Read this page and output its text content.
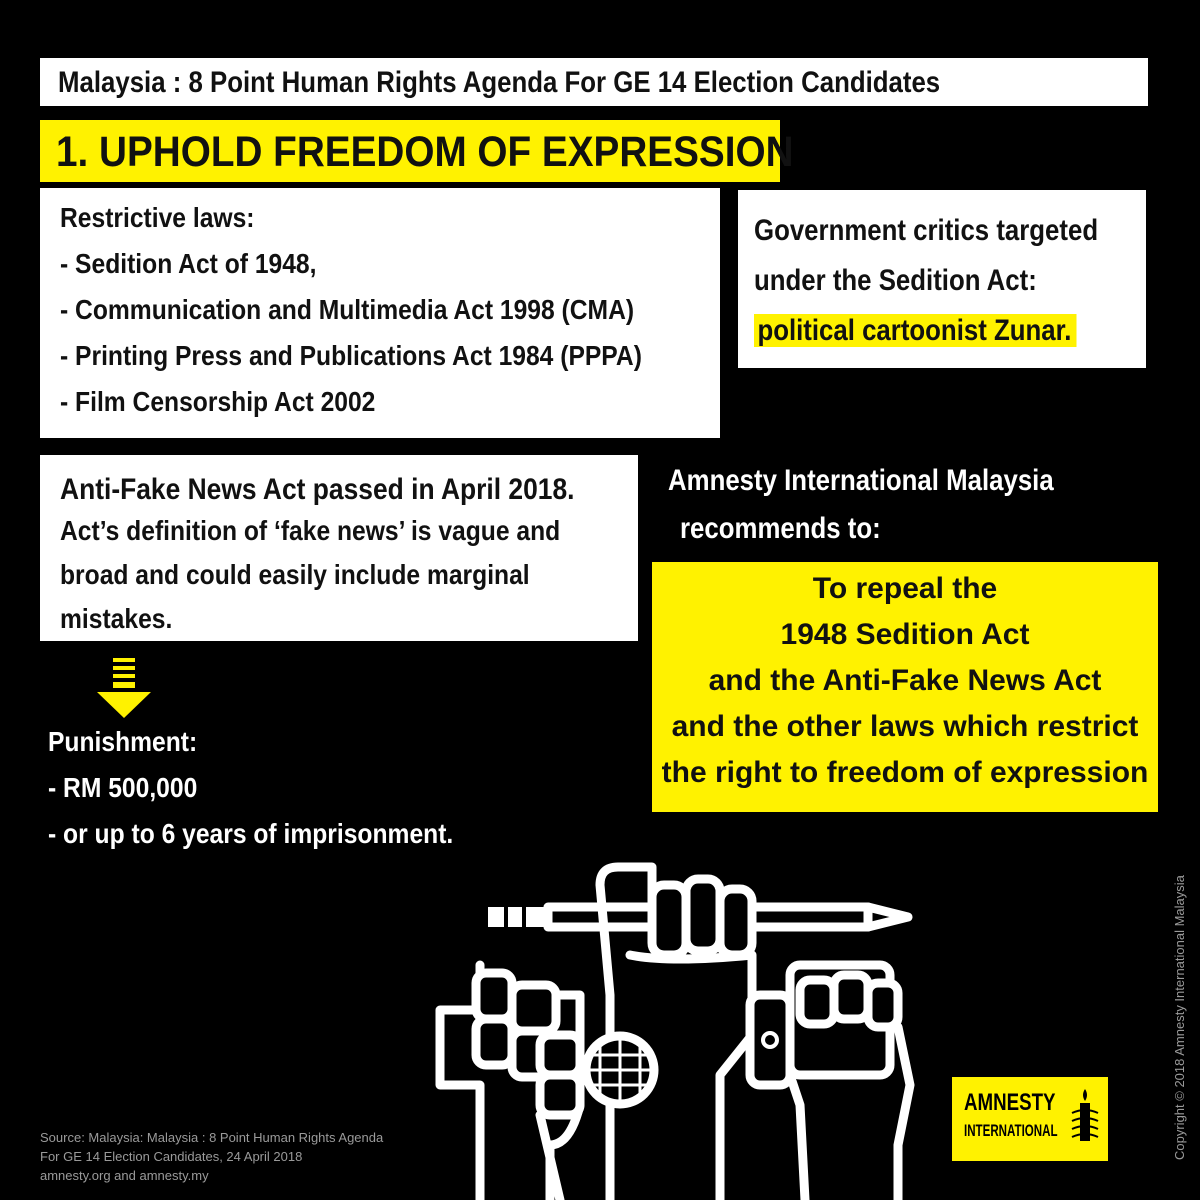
Malaysia : 8 Point Human Rights Agenda For GE 14 Election Candidates
1. UPHOLD FREEDOM OF EXPRESSION
Restrictive laws:
- Sedition Act of 1948,
- Communication and Multimedia Act 1998 (CMA)
- Printing Press and Publications Act 1984 (PPPA)
- Film Censorship Act 2002
Government critics targeted
under the Sedition Act:
political cartoonist Zunar.
Anti-Fake News Act passed in April 2018.
Act’s definition of ‘fake news’ is vague and
broad and could easily include marginal
mistakes.
Amnesty International Malaysia
recommends to:
To repeal the
1948 Sedition Act
and the Anti-Fake News Act
and the other laws which restrict
the right to freedom of expression
Punishment:
- RM 500,000
- or up to 6 years of imprisonment.
Source: Malaysia: Malaysia : 8 Point Human Rights Agenda
For GE 14 Election Candidates, 24 April 2018
amnesty.org and amnesty.my
AMNESTY
INTERNATIONAL	Copyright © 2018 Amnesty International Malaysia
